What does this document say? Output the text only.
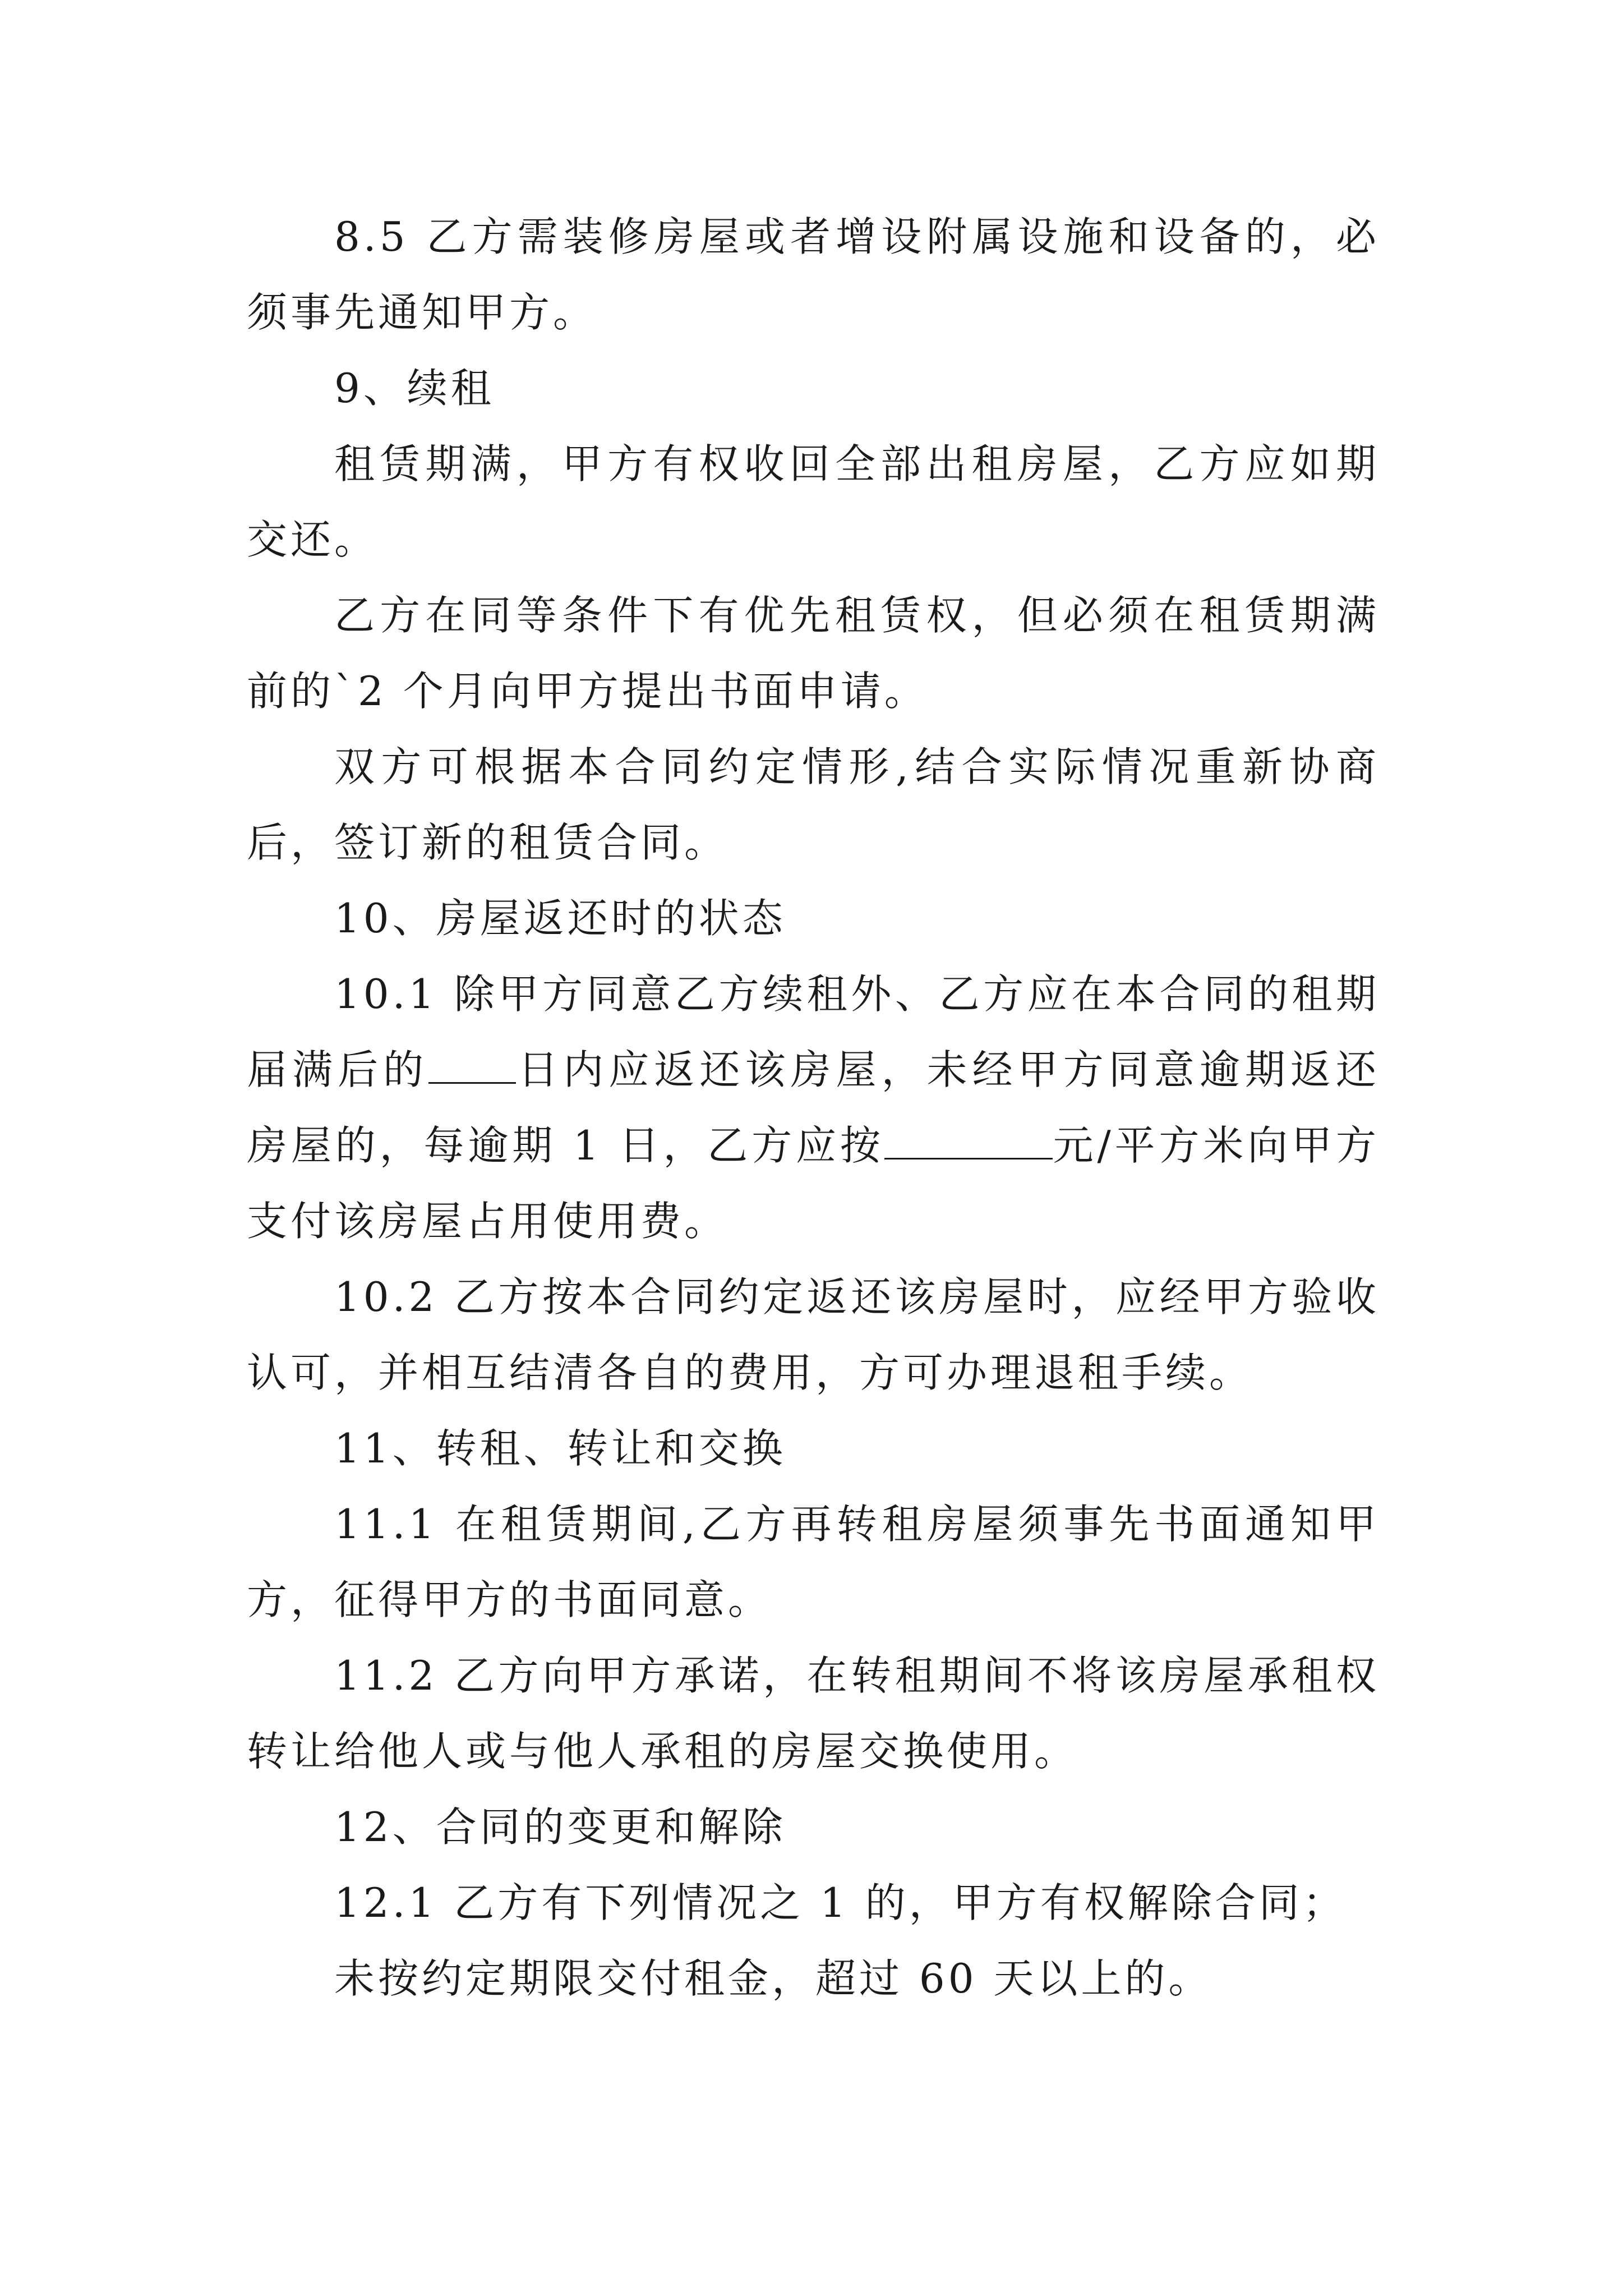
8.5 乙方需装修房屋或者增设附属设施和设备的，必须事先通知甲方。

9、续租

租赁期满，甲方有权收回全部出租房屋，乙方应如期交还。

乙方在同等条件下有优先租赁权，但必须在租赁期满前的`2 个月向甲方提出书面申请。

双方可根据本合同约定情形,结合实际情况重新协商后，签订新的租赁合同。

10、房屋返还时的状态

10.1 除甲方同意乙方续租外、乙方应在本合同的租期届满后的 日内应返还该房屋，未经甲方同意逾期返还房屋的，每逾期 1 日，乙方应按	元/平方米向甲方支付该房屋占用使用费。

10.2 乙方按本合同约定返还该房屋时，应经甲方验收认可，并相互结清各自的费用，方可办理退租手续。

11、转租、转让和交换

11.1 在租赁期间,乙方再转租房屋须事先书面通知甲方，征得甲方的书面同意。

11.2 乙方向甲方承诺，在转租期间不将该房屋承租权转让给他人或与他人承租的房屋交换使用。

12、合同的变更和解除

12.1 乙方有下列情况之 1 的，甲方有权解除合同；

未按约定期限交付租金，超过 60 天以上的。
